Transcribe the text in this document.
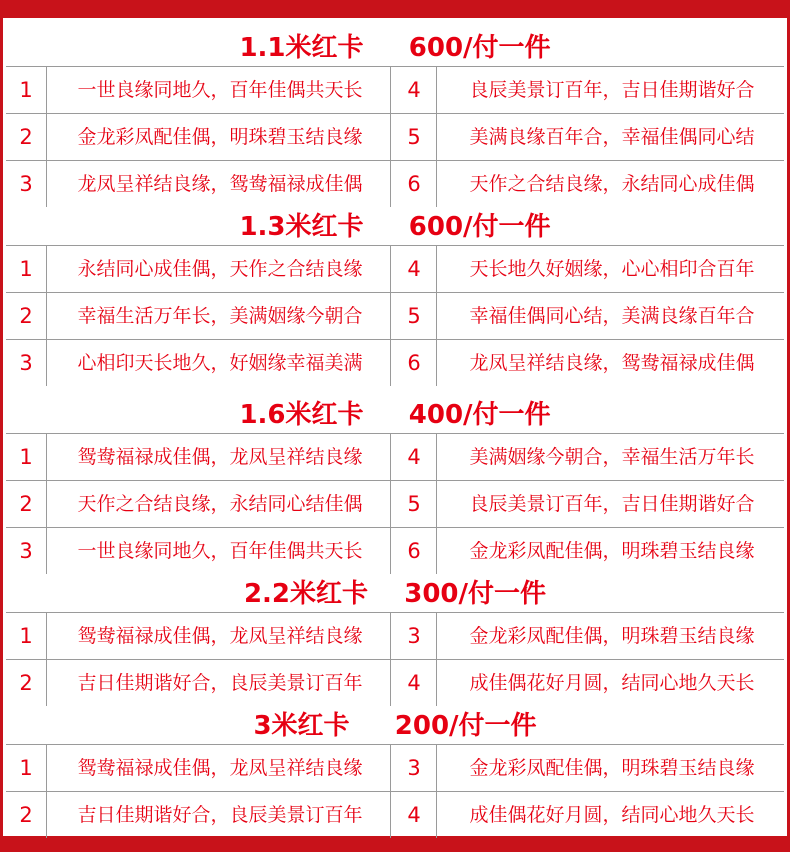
1.1米红卡     600/付一件
1	一世良缘同地久，百年佳偶共天长	4	良辰美景订百年，吉日佳期谐好合
2	金龙彩凤配佳偶，明珠碧玉结良缘	5	美满良缘百年合，幸福佳偶同心结
3	龙凤呈祥结良缘，鸳鸯福禄成佳偶	6	天作之合结良缘，永结同心成佳偶
1.3米红卡     600/付一件
1	永结同心成佳偶，天作之合结良缘	4	天长地久好姻缘，心心相印合百年
2	幸福生活万年长，美满姻缘今朝合	5	幸福佳偶同心结，美满良缘百年合
3	心相印天长地久，好姻缘幸福美满	6	龙凤呈祥结良缘，鸳鸯福禄成佳偶
1.6米红卡     400/付一件
1	鸳鸯福禄成佳偶，龙凤呈祥结良缘	4	美满姻缘今朝合，幸福生活万年长
2	天作之合结良缘，永结同心结佳偶	5	良辰美景订百年，吉日佳期谐好合
3	一世良缘同地久，百年佳偶共天长	6	金龙彩凤配佳偶，明珠碧玉结良缘
2.2米红卡    300/付一件
1	鸳鸯福禄成佳偶，龙凤呈祥结良缘	3	金龙彩凤配佳偶，明珠碧玉结良缘
2	吉日佳期谐好合，良辰美景订百年	4	成佳偶花好月圆，结同心地久天长
3米红卡     200/付一件
1	鸳鸯福禄成佳偶，龙凤呈祥结良缘	3	金龙彩凤配佳偶，明珠碧玉结良缘
2	吉日佳期谐好合，良辰美景订百年	4	成佳偶花好月圆，结同心地久天长
